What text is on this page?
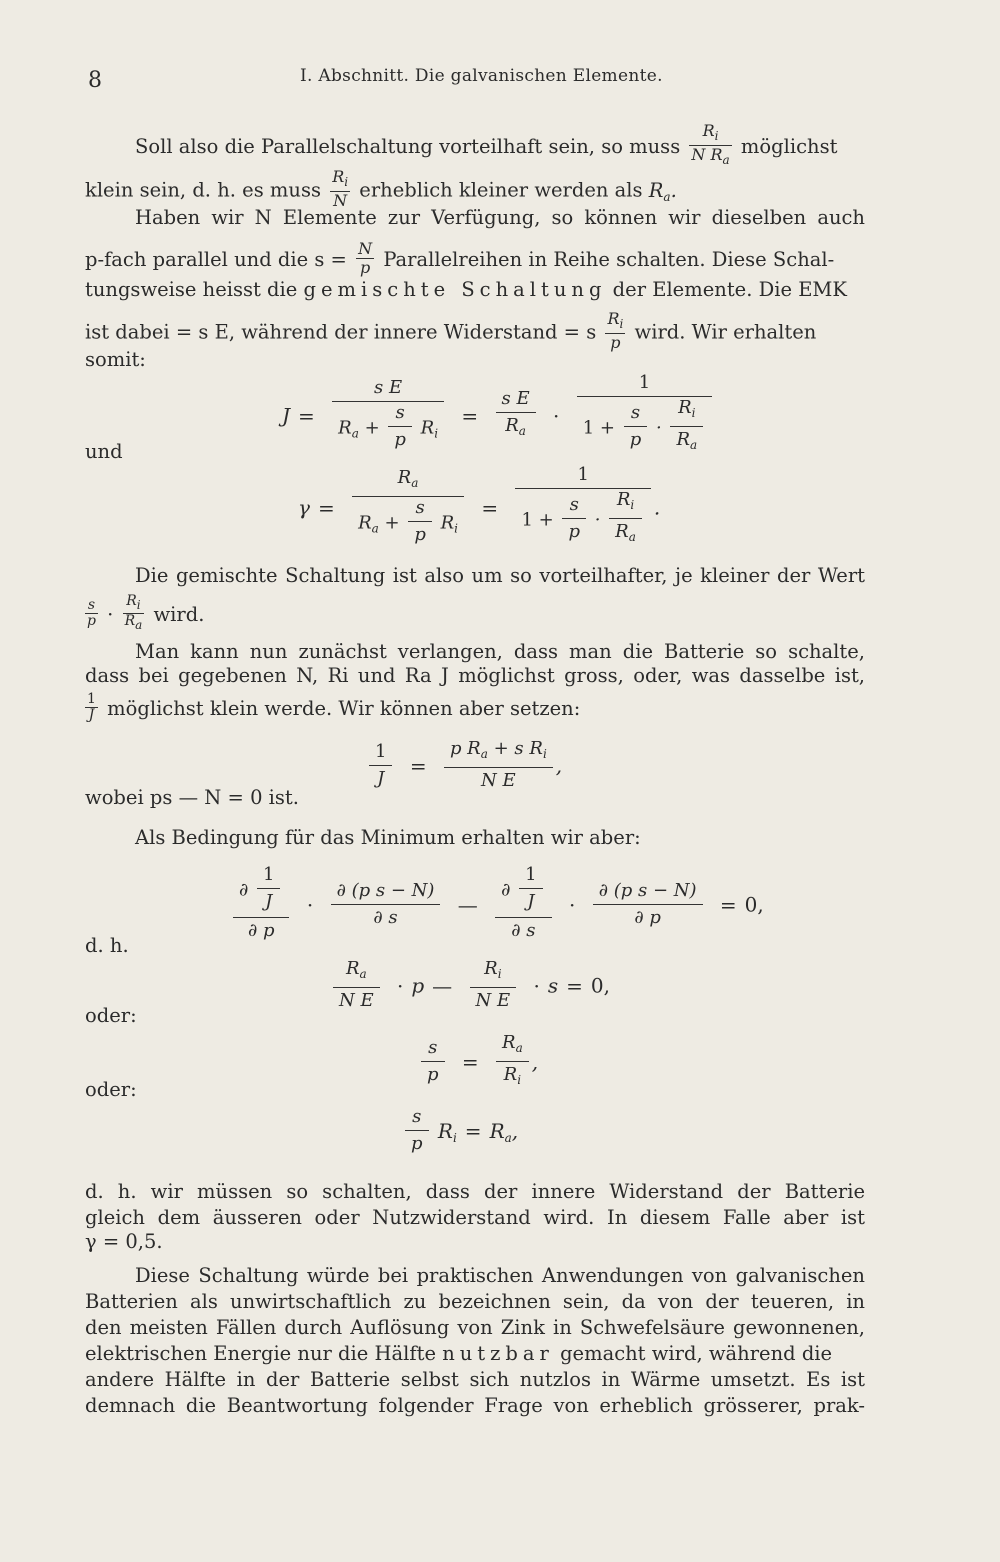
8	I. Abschnitt. Die galvanischen Elemente.
Soll also die Parallelschaltung vorteilhaft sein, so muss $\frac{R_i}{N R_a}$ möglichst
klein sein, d. h. es muss $\frac{R_i}{N}$ erheblich kleiner werden als $R_a$.
Haben wir N Elemente zur Verfügung, so können wir dieselben auch
p-fach parallel und die $s = \frac{N}{p}$ Parallelreihen in Reihe schalten. Diese Schal-
tungsweise heisst die gemischte Schaltung der Elemente. Die EMK
ist dabei = s E, während der innere Widerstand = s $\frac{R_i}{p}$ wird. Wir erhalten
somit:
$J = \frac{\text{s E}}{R_a + \frac{s}{p} R_i} = \frac{\text{s E}}{R_a} \cdot \frac{1}{1 + \frac{s}{p} \cdot \frac{R_i}{R_a}}$
und
$\gamma = \frac{R_a}{R_a + \frac{s}{p} R_i} = \frac{1}{1 + \frac{s}{p} \cdot \frac{R_i}{R_a}}$ .
Die gemischte Schaltung ist also um so vorteilhafter, je kleiner der Wert
$\frac{s}{p} \cdot \frac{R_i}{R_a}$ wird.
Man kann nun zunächst verlangen, dass man die Batterie so schalte,
dass bei gegebenen N, Ri und Ra J möglichst gross, oder, was dasselbe ist,
$\frac{1}{J}$ möglichst klein werde. Wir können aber setzen:
$\frac{1}{J} = \frac{p R_a + s R_i}{\text{N E}}$ ,
wobei ps — N = 0 ist.
Als Bedingung für das Minimum erhalten wir aber:
$\frac{\partial \frac{1}{J}}{\partial p} \cdot \frac{\text{∂ (p s − N)}}{\partial s}$ — $\frac{\partial \frac{1}{J}}{\partial s} \cdot \frac{\text{∂ (p s − N)}}{\partial p} = 0$,
d. h.
$\frac{R_a}{\text{N E}} \cdot p$ — $\frac{R_i}{\text{N E}} \cdot s = 0$,
oder:
$\frac{s}{p} = \frac{R_a}{R_i}$ ,
oder:
$\frac{s}{p} R_i = R_a$,
d. h. wir müssen so schalten, dass der innere Widerstand der Batterie
gleich dem äusseren oder Nutzwiderstand wird. In diesem Falle aber ist
γ = 0,5.
Diese Schaltung würde bei praktischen Anwendungen von galvanischen
Batterien als unwirtschaftlich zu bezeichnen sein, da von der teueren, in
den meisten Fällen durch Auflösung von Zink in Schwefelsäure gewonnenen,
elektrischen Energie nur die Hälfte nutzbar gemacht wird, während die
andere Hälfte in der Batterie selbst sich nutzlos in Wärme umsetzt. Es ist
demnach die Beantwortung folgender Frage von erheblich grösserer, prak-
